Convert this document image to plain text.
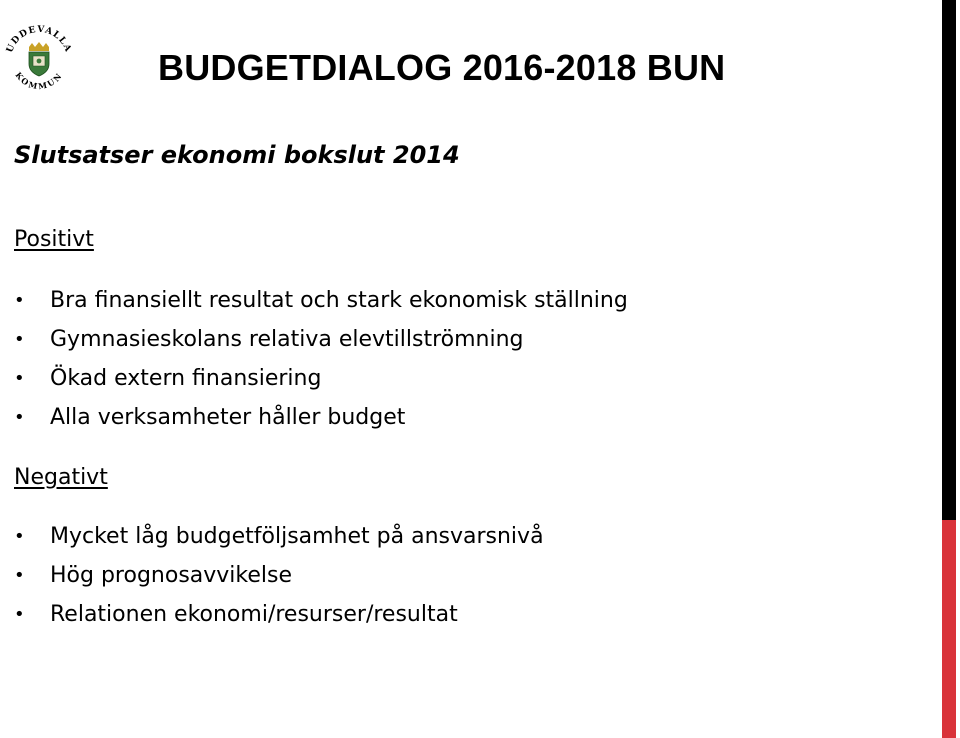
UDDEVALLA
KOMMUN	BUDGETDIALOG 2016-2018 BUN
Slutsatser ekonomi bokslut 2014
Positivt
• Bra finansiellt resultat och stark ekonomisk ställning
• Gymnasieskolans relativa elevtillströmning
• Ökad extern finansiering
• Alla verksamheter håller budget
Negativt
• Mycket låg budgetföljsamhet på ansvarsnivå
• Hög prognosavvikelse
• Relationen ekonomi/resurser/resultat
